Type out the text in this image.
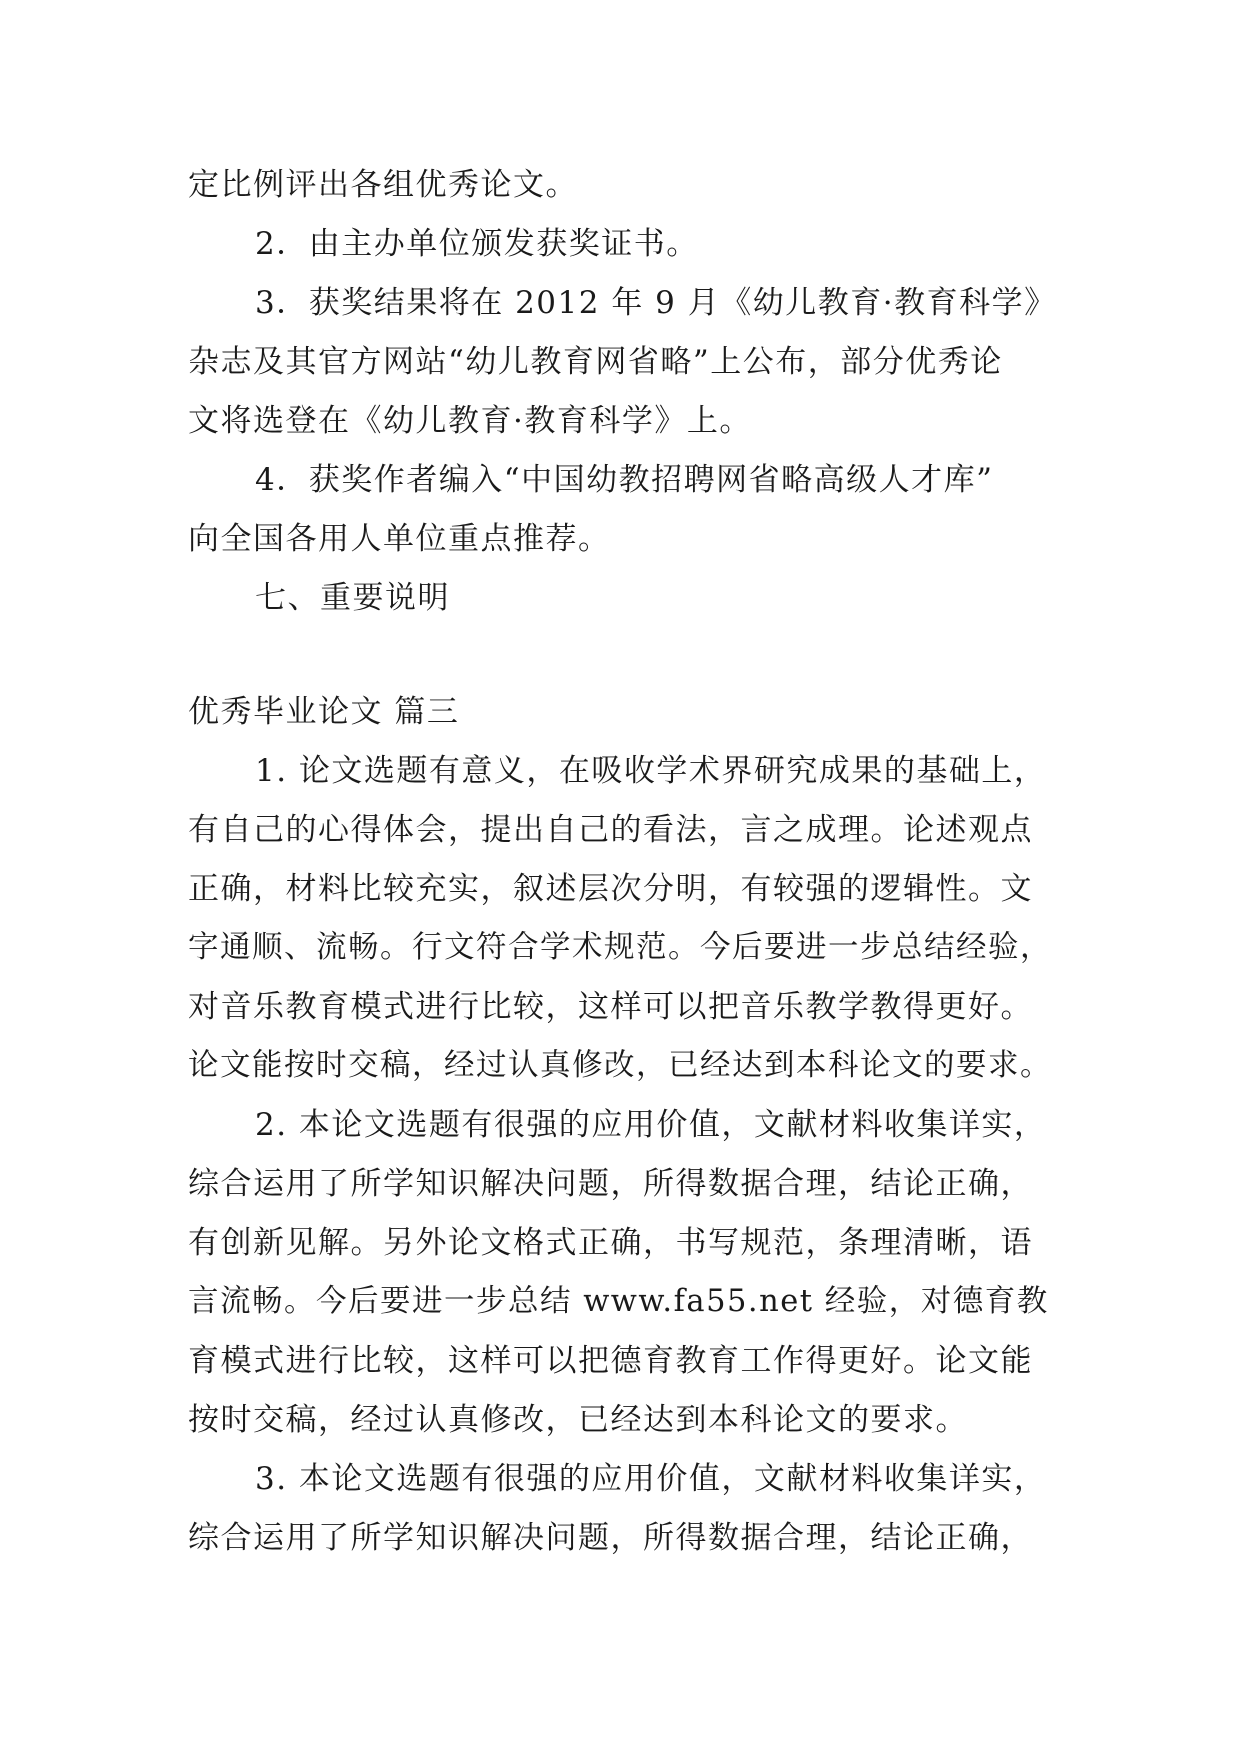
定比例评出各组优秀论文。

2．由主办单位颁发获奖证书。

3．获奖结果将在 2012 年 9 月《幼儿教育·教育科学》

杂志及其官方网站“幼儿教育网省略”上公布，部分优秀论

文将选登在《幼儿教育·教育科学》上。

4．获奖作者编入“中国幼教招聘网省略高级人才库”

向全国各用人单位重点推荐。

七、重要说明

优秀毕业论文 篇三

1. 论文选题有意义，在吸收学术界研究成果的基础上，

有自己的心得体会，提出自己的看法，言之成理。论述观点

正确，材料比较充实，叙述层次分明，有较强的逻辑性。文

字通顺、流畅。行文符合学术规范。今后要进一步总结经验，

对音乐教育模式进行比较，这样可以把音乐教学教得更好。

论文能按时交稿，经过认真修改，已经达到本科论文的要求。

2. 本论文选题有很强的应用价值，文献材料收集详实，

综合运用了所学知识解决问题，所得数据合理，结论正确，

有创新见解。另外论文格式正确，书写规范，条理清晰，语

言流畅。今后要进一步总结 www.fa55.net 经验，对德育教

育模式进行比较，这样可以把德育教育工作得更好。论文能

按时交稿，经过认真修改，已经达到本科论文的要求。

3. 本论文选题有很强的应用价值，文献材料收集详实，

综合运用了所学知识解决问题，所得数据合理，结论正确，
